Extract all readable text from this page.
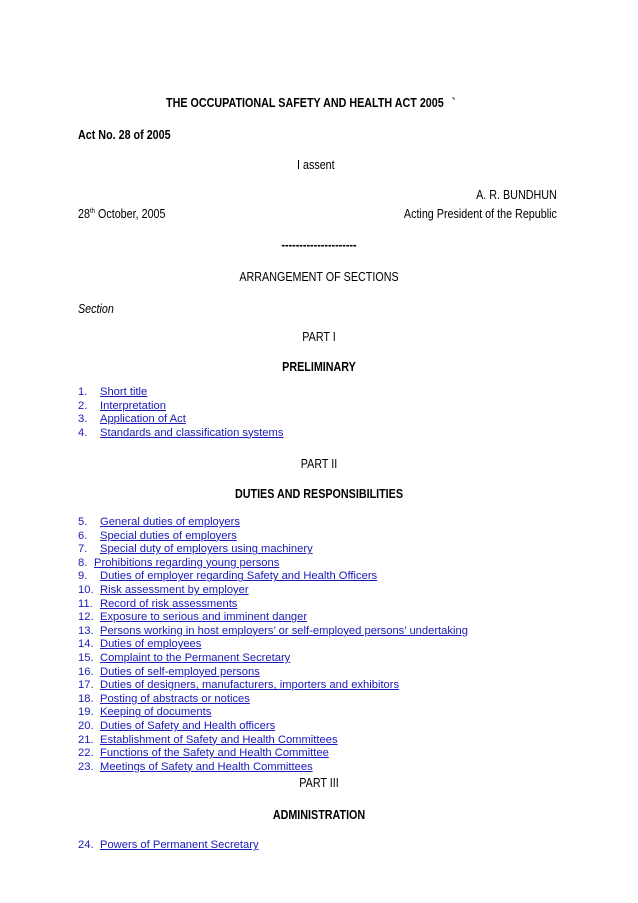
THE OCCUPATIONAL SAFETY AND HEALTH ACT 2005 `
Act No. 28 of 2005
I assent
A. R. BUNDHUN
28th October, 2005	Acting President of the Republic
---------------------
ARRANGEMENT OF SECTIONS
Section
PART I
PRELIMINARY
1. Short title
2. Interpretation
3. Application of Act
4. Standards and classification systems
PART II
DUTIES AND RESPONSIBILITIES
5. General duties of employers
6. Special duties of employers
7. Special duty of employers using machinery
8. Prohibitions regarding young persons
9. Duties of employer regarding Safety and Health Officers
10. Risk assessment by employer
11. Record of risk assessments
12. Exposure to serious and imminent danger
13. Persons working in host employers’ or self-employed persons’ undertaking
14. Duties of employees
15. Complaint to the Permanent Secretary
16. Duties of self-employed persons
17. Duties of designers, manufacturers, importers and exhibitors
18. Posting of abstracts or notices
19. Keeping of documents
20. Duties of Safety and Health officers
21. Establishment of Safety and Health Committees
22. Functions of the Safety and Health Committee
23. Meetings of Safety and Health Committees
PART III
ADMINISTRATION
24. Powers of Permanent Secretary
